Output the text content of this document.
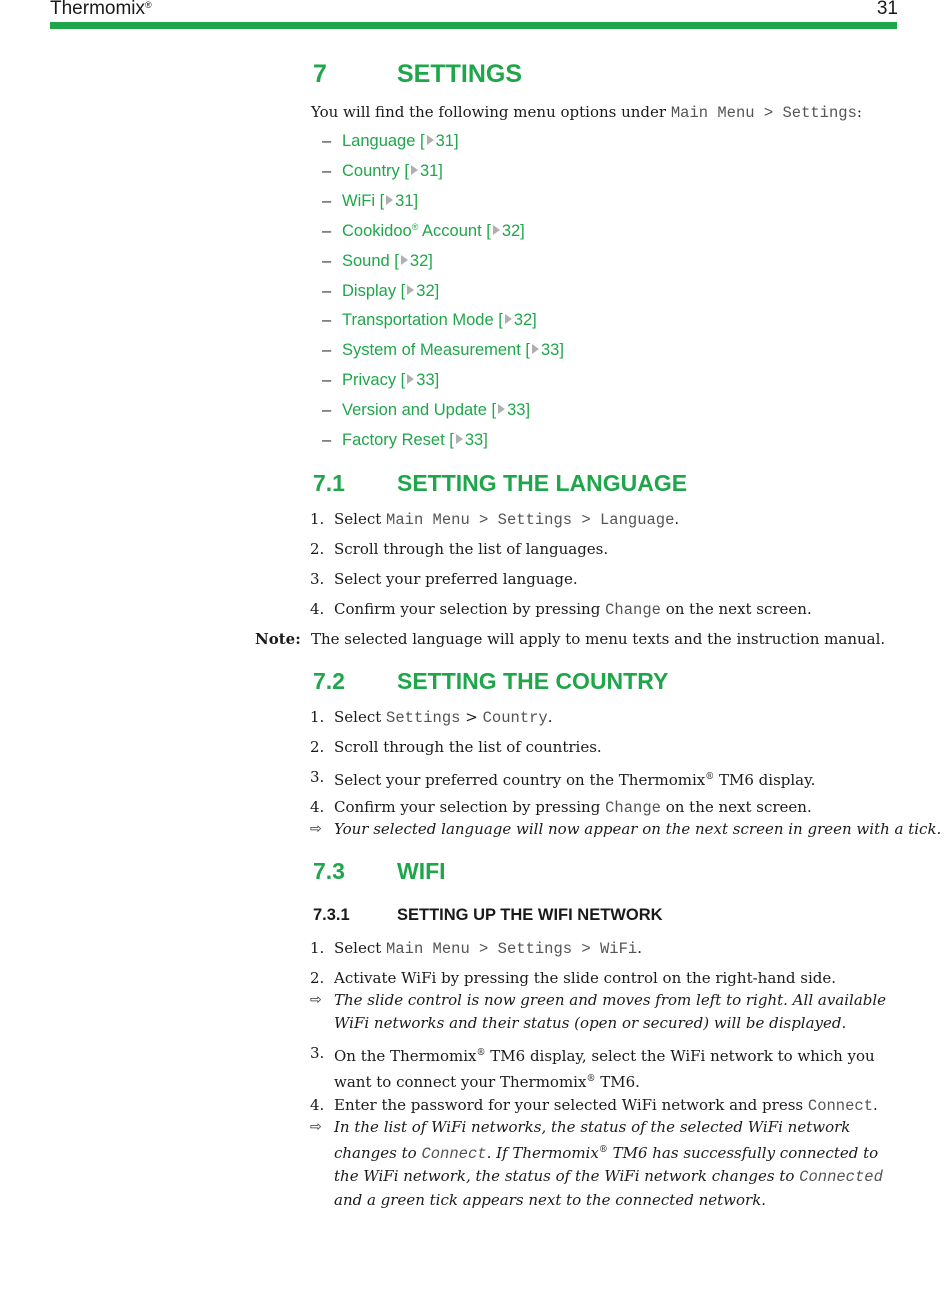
Thermomix®	31
7	SETTINGS
You will find the following menu options under Main Menu > Settings:
– Language [ 31]
– Country [ 31]
– WiFi [ 31]
– Cookidoo® Account [ 32]
– Sound [ 32]
– Display [ 32]
– Transportation Mode [ 32]
– System of Measurement [ 33]
– Privacy [ 33]
– Version and Update [ 33]
– Factory Reset [ 33]
7.1 SETTING THE LANGUAGE
1. Select Main Menu > Settings > Language.
2. Scroll through the list of languages.
3. Select your preferred language.
4. Confirm your selection by pressing Change on the next screen.
Note: The selected language will apply to menu texts and the instruction manual.
7.2 SETTING THE COUNTRY
1. Select Settings > Country.
2. Scroll through the list of countries.
3. Select your preferred country on the Thermomix® TM6 display.
4. Confirm your selection by pressing Change on the next screen.
⇨ Your selected language will now appear on the next screen in green with a tick.
7.3 WIFI
7.3.1	SETTING UP THE WIFI NETWORK
1. Select Main Menu > Settings > WiFi.
2. Activate WiFi by pressing the slide control on the right-hand side.
⇨ The slide control is now green and moves from left to right. All available WiFi networks and their status (open or secured) will be displayed.
3. On the Thermomix® TM6 display, select the WiFi network to which you want to connect your Thermomix® TM6.
4. Enter the password for your selected WiFi network and press Connect.
⇨ In the list of WiFi networks, the status of the selected WiFi network changes to Connect. If Thermomix® TM6 has successfully connected to the WiFi network, the status of the WiFi network changes to Connected and a green tick appears next to the connected network.
